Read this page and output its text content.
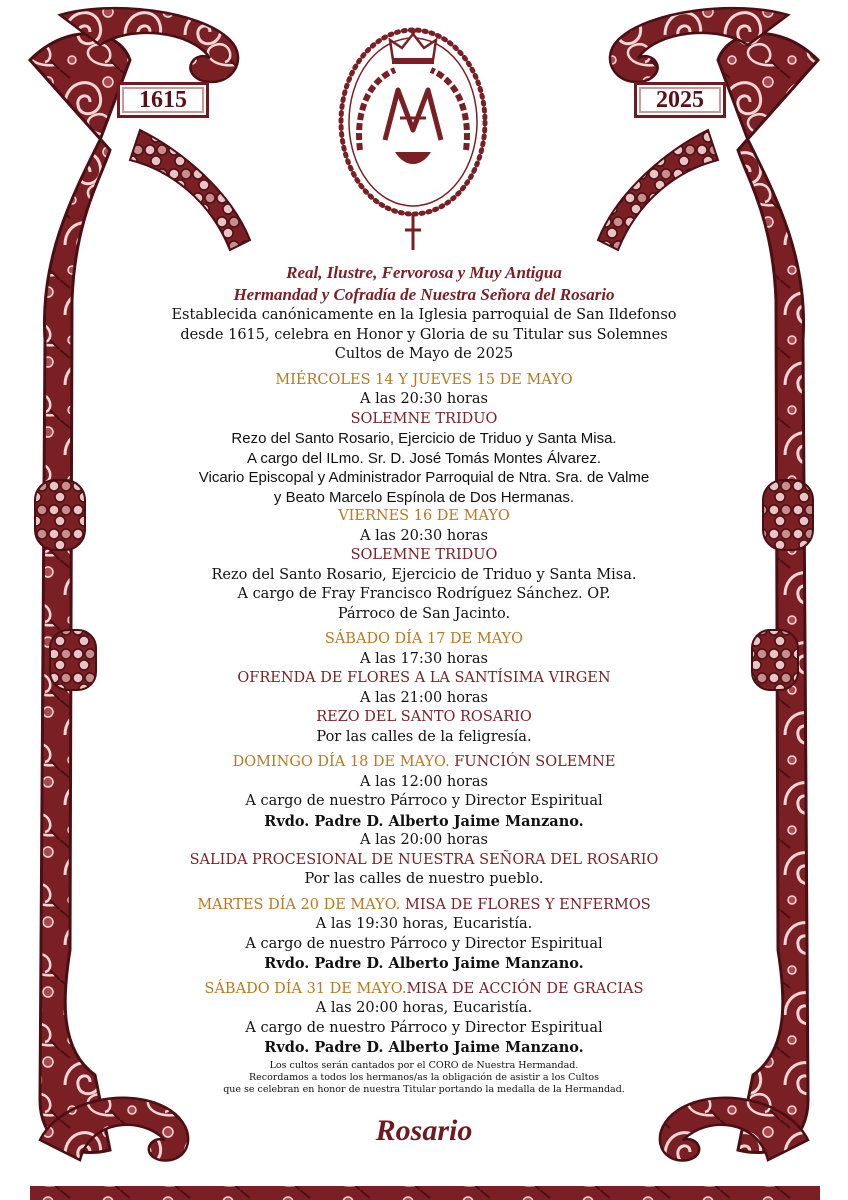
1615	2025
Real, Ilustre, Fervorosa y Muy Antigua
Hermandad y Cofradía de Nuestra Señora del Rosario
Establecida canónicamente en la Iglesia parroquial de San Ildefonso
desde 1615, celebra en Honor y Gloria de su Titular sus Solemnes
Cultos de Mayo de 2025
MIÉRCOLES 14 Y JUEVES 15 DE MAYO
A las 20:30 horas
SOLEMNE TRIDUO
Rezo del Santo Rosario, Ejercicio de Triduo y Santa Misa.
A cargo del ILmo. Sr. D. José Tomás Montes Álvarez.
Vicario Episcopal y Administrador Parroquial de Ntra. Sra. de Valme
y Beato Marcelo Espínola de Dos Hermanas.
VIERNES 16 DE MAYO
A las 20:30 horas
SOLEMNE TRIDUO
Rezo del Santo Rosario, Ejercicio de Triduo y Santa Misa.
A cargo de Fray Francisco Rodríguez Sánchez. OP.
Párroco de San Jacinto.
SÁBADO DÍA 17 DE MAYO
A las 17:30 horas
OFRENDA DE FLORES A LA SANTÍSIMA VIRGEN
A las 21:00 horas
REZO DEL SANTO ROSARIO
Por las calles de la feligresía.
DOMINGO DÍA 18 DE MAYO. FUNCIÓN SOLEMNE
A las 12:00 horas
A cargo de nuestro Párroco y Director Espiritual
Rvdo. Padre D. Alberto Jaime Manzano.
A las 20:00 horas
SALIDA PROCESIONAL DE NUESTRA SEÑORA DEL ROSARIO
Por las calles de nuestro pueblo.
MARTES DÍA 20 DE MAYO. MISA DE FLORES Y ENFERMOS
A las 19:30 horas, Eucaristía.
A cargo de nuestro Párroco y Director Espiritual
Rvdo. Padre D. Alberto Jaime Manzano.
SÁBADO DÍA 31 DE MAYO.MISA DE ACCIÓN DE GRACIAS
A las 20:00 horas, Eucaristía.
A cargo de nuestro Párroco y Director Espiritual
Rvdo. Padre D. Alberto Jaime Manzano.
Los cultos serán cantados por el CORO de Nuestra Hermandad.
Recordamos a todos los hermanos/as la obligación de asistir a los Cultos
que se celebran en honor de nuestra Titular portando la medalla de la Hermandad.
Rosario
